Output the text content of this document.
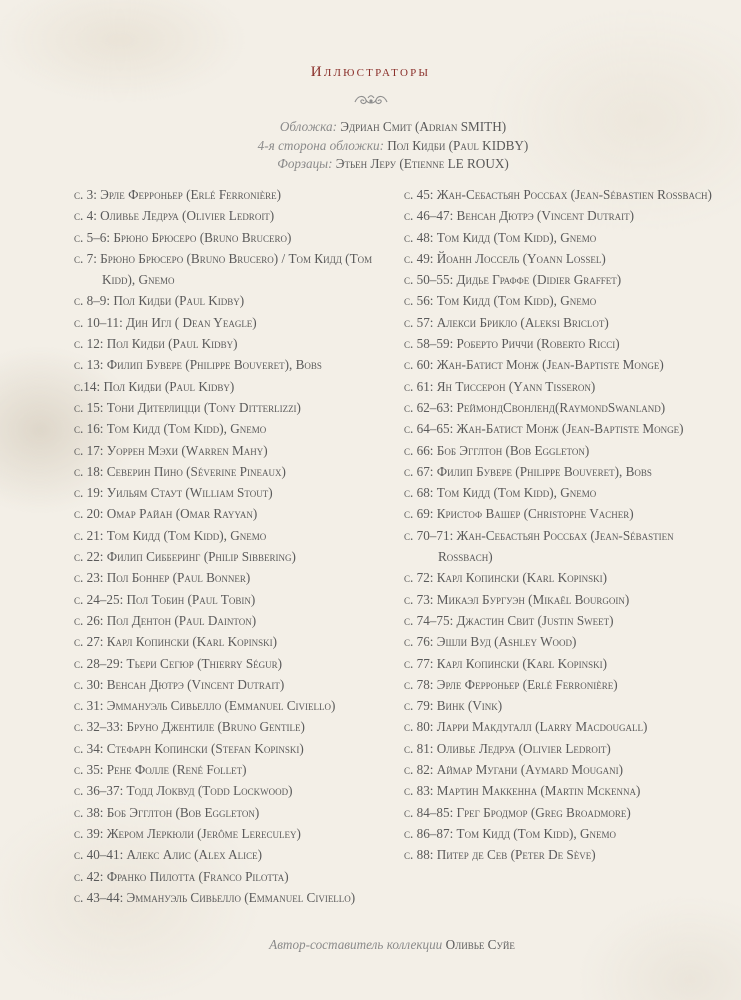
Иллюстраторы
Обложка: Эдриан Смит (Adrian SMITH)
4-я сторона обложки: Пол Кидби (Paul KIDBY)
Форзацы: Этьен Леру (Etienne LE ROUX)
с. 3: Эрле Ферроньер (Erlé Ferronière)
с. 4: Оливье Ледруа (Olivier Ledroit)
с. 5–6: Брюно Брюсеро (Bruno Brucero)
с. 7: Брюно Брюсеро (Bruno Brucero) / Том Кидд (Tom Kidd), Gnemo
с. 8–9: Пол Кидби (Paul Kidby)
с. 10–11: Дин Игл ( Dean Yeagle)
с. 12: Пол Кидби (Paul Kidby)
с. 13: Филип Бувере (Philippe Bouveret), Bobs
с.14: Пол Кидби (Paul Kidby)
с. 15: Тони Дитерлицци (Tony Ditterlizzi)
с. 16: Том Кидд (Tom Kidd), Gnemo
с. 17: Уоррен Мэхи (Warren Mahy)
с. 18: Северин Пино (Séverine Pineaux)
с. 19: Уильям Стаут (William Stout)
с. 20: Омар Райан (Omar Rayyan)
с. 21: Том Кидд (Tom Kidd), Gnemo
с. 22: Филип Сибберинг (Philip Sibbering)
с. 23: Пол Боннер (Paul Bonner)
с. 24–25: Пол Тобин (Paul Tobin)
с. 26: Пол Дентон (Paul Dainton)
с. 27: Карл Копински (Karl Kopinski)
с. 28–29: Тьери Сегюр (Thierry Ségur)
с. 30: Венсан Дютрэ (Vincent Dutrait)
с. 31: Эммануэль Сивьелло (Emmanuel Civiello)
с. 32–33: Бруно Джентиле (Bruno Gentile)
с. 34: Стефарн Копински (Stefan Kopinski)
с. 35: Рене Фолле (René Follet)
с. 36–37: Тодд Локвуд (Todd Lockwood)
с. 38: Боб Эгглтон (Bob Eggleton)
с. 39: Жером Леркюли (Jerôme Lereculey)
с. 40–41: Алекс Алис (Alex Alice)
с. 42: Франко Пилотта (Franco Pilotta)
с. 43–44: Эммануэль Сивьелло (Emmanuel Civiello)
с. 45: Жан-Себастьян Россбах (Jean-Sébastien Rossbach)
с. 46–47: Венсан Дютрэ (Vincent Dutrait)
с. 48: Том Кидд (Tom Kidd), Gnemo
с. 49: Йоанн Лоссель (Yoann Lossel)
с. 50–55: Дидье Граффе (Didier Graffet)
с. 56: Том Кидд (Tom Kidd), Gnemo
с. 57: Алекси Брикло (Aleksi Briclot)
с. 58–59: Роберто Риччи (Roberto Ricci)
с. 60: Жан-Батист Монж (Jean-Baptiste Monge)
с. 61: Ян Тиссерон (Yann Tisseron)
с. 62–63: РеймондСвонленд(RaymondSwanland)
с. 64–65: Жан-Батист Монж (Jean-Baptiste Monge)
с. 66: Боб Эгглтон (Bob Eggleton)
с. 67: Филип Бувере (Philippe Bouveret), Bobs
с. 68: Том Кидд (Tom Kidd), Gnemo
с. 69: Кристоф Вашер (Christophe Vacher)
с. 70–71: Жан-Себастьян Россбах (Jean-Sébastien Rossbach)
с. 72: Карл Копински (Karl Kopinski)
с. 73: Микаэл Бургуэн (Mikaël Bourgoin)
с. 74–75: Джастин Свит (Justin Sweet)
с. 76: Эшли Вуд (Ashley Wood)
с. 77: Карл Копински (Karl Kopinski)
с. 78: Эрле Ферроньер (Erlé Ferronière)
с. 79: Винк (Vink)
с. 80: Ларри Макдугалл (Larry Macdougall)
с. 81: Оливье Ледруа (Olivier Ledroit)
с. 82: Аймар Мугани (Aymard Mougani)
с. 83: Мартин Маккенна (Martin Mckenna)
с. 84–85: Грег Бродмор (Greg Broadmore)
с. 86–87: Том Кидд (Tom Kidd), Gnemo
с. 88: Питер де Сев (Peter De Sève)
Автор-составитель коллекции Оливье Суйе
